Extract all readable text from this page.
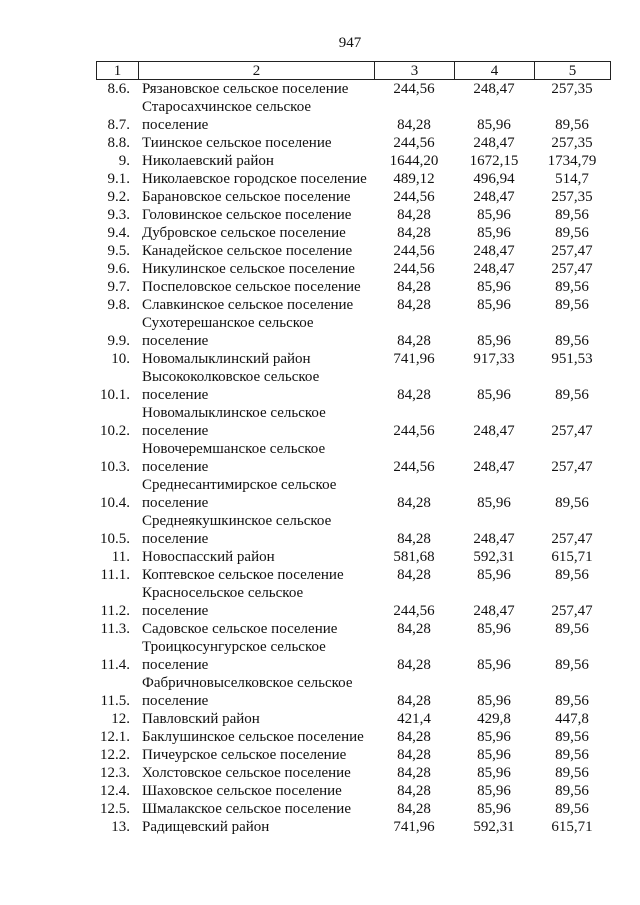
947
1	2	3	4	5
8.6. Рязановское сельское поселение	244,56	248,47	257,35
8.7.
Старосахчинское сельское
поселение	84,28	85,96	89,56
8.8. Тиинское сельское поселение	244,56	248,47	257,35
9. Николаевский район	1644,20	1672,15	1734,79
9.1. Николаевское городское поселение	489,12	496,94	514,7
9.2. Барановское сельское поселение	244,56	248,47	257,35
9.3. Головинское сельское поселение	84,28	85,96	89,56
9.4. Дубровское сельское поселение	84,28	85,96	89,56
9.5. Канадейское сельское поселение	244,56	248,47	257,47
9.6. Никулинское сельское поселение	244,56	248,47	257,47
9.7. Поспеловское сельское поселение	84,28	85,96	89,56
9.8. Славкинское сельское поселение	84,28	85,96	89,56
9.9.
Сухотерешанское сельское
поселение	84,28	85,96	89,56
10. Новомалыклинский район	741,96	917,33	951,53
10.1.
Высококолковское сельское
поселение	84,28	85,96	89,56
10.2.
Новомалыклинское сельское
поселение	244,56	248,47	257,47
10.3.
Новочеремшанское сельское
поселение	244,56	248,47	257,47
10.4.
Среднесантимирское сельское
поселение	84,28	85,96	89,56
10.5.
Среднеякушкинское сельское
поселение	84,28	248,47	257,47
11. Новоспасский район	581,68	592,31	615,71
11.1. Коптевское сельское поселение	84,28	85,96	89,56
11.2.
Красносельское сельское
поселение	244,56	248,47	257,47
11.3. Садовское сельское поселение	84,28	85,96	89,56
11.4.
Троицкосунгурское сельское
поселение	84,28	85,96	89,56
11.5.
Фабричновыселковское сельское
поселение	84,28	85,96	89,56
12. Павловский район	421,4	429,8	447,8
12.1. Баклушинское сельское поселение	84,28	85,96	89,56
12.2. Пичеурское сельское поселение	84,28	85,96	89,56
12.3. Холстовское сельское поселение	84,28	85,96	89,56
12.4. Шаховское сельское поселение	84,28	85,96	89,56
12.5. Шмалакское сельское поселение	84,28	85,96	89,56
13. Радищевский район	741,96	592,31	615,71
